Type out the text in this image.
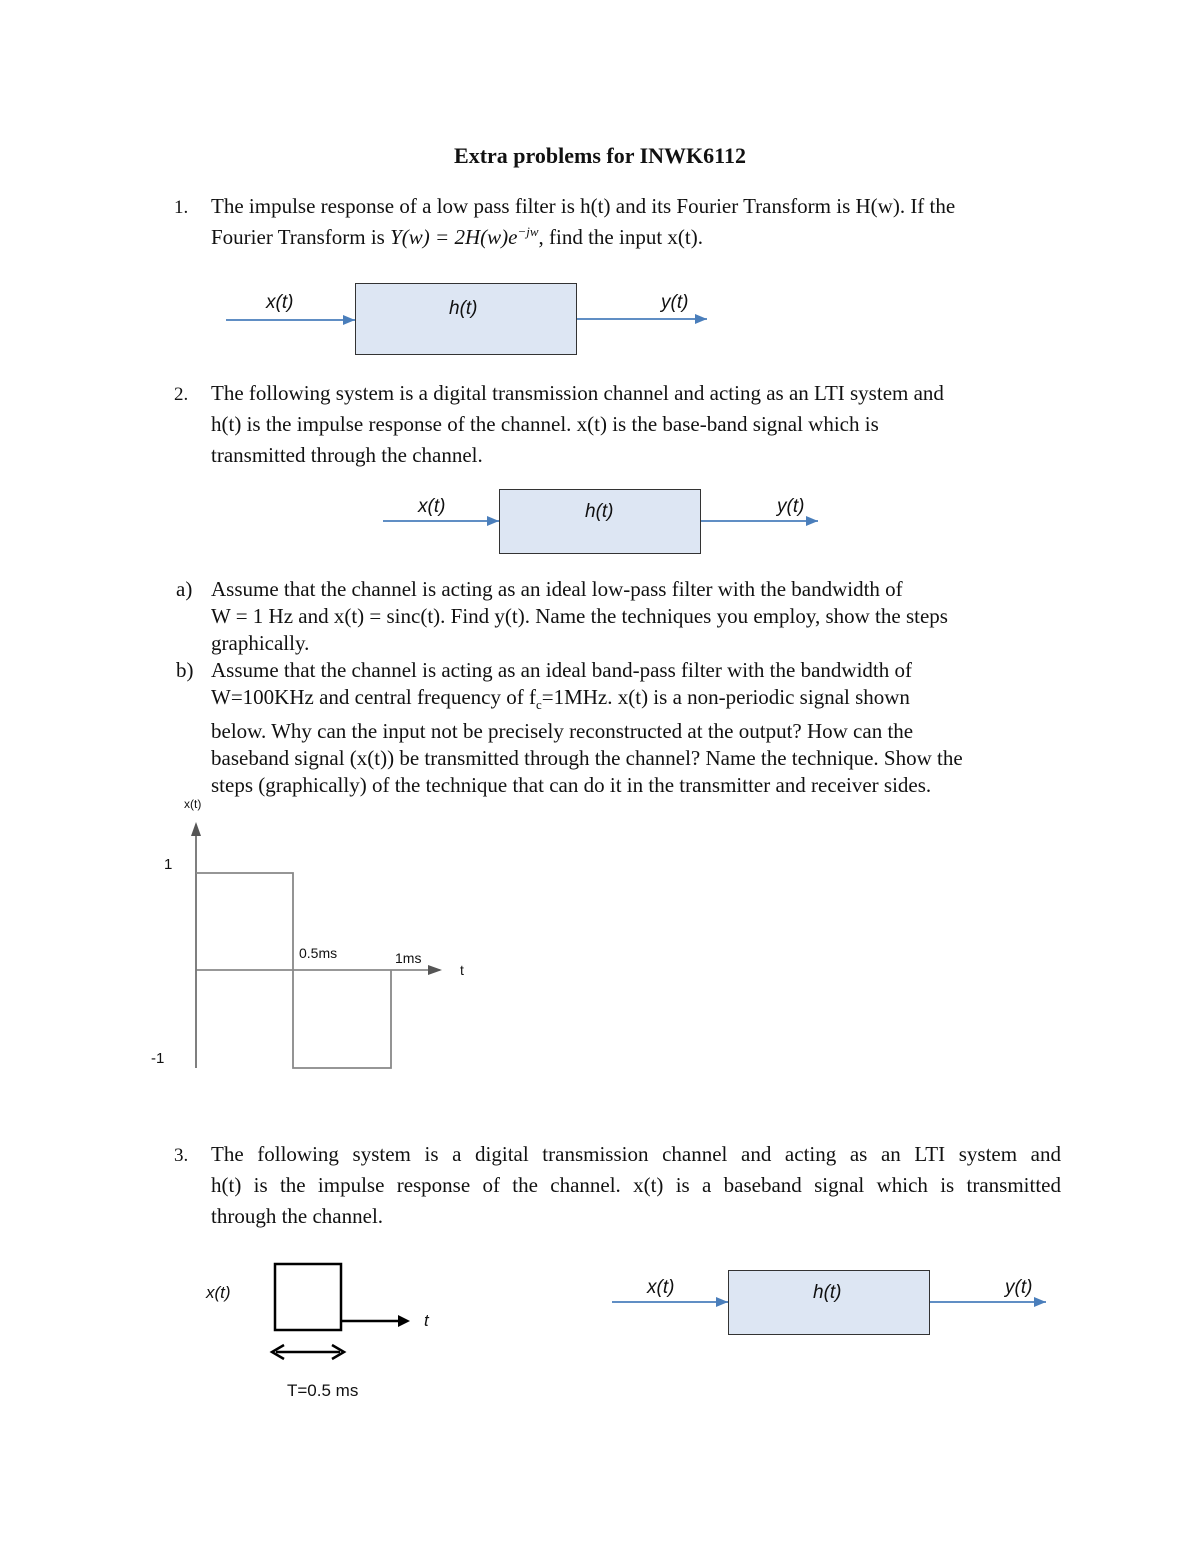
Extra problems for INWK6112
1. The impulse response of a low pass filter is h(t) and its Fourier Transform is H(w). If the
Fourier Transform is $Y(w) = 2H(w)e^{-jw}$, find the input x(t).
x(t)	h(t)	y(t)
2. The following system is a digital transmission channel and acting as an LTI system and
h(t) is the impulse response of the channel. x(t) is the base-band signal which is
transmitted through the channel.
x(t)	h(t)	y(t)
a) Assume that the channel is acting as an ideal low-pass filter with the bandwidth of
W = 1 Hz and x(t) = sinc(t). Find y(t). Name the techniques you employ, show the steps
graphically.
b) Assume that the channel is acting as an ideal band-pass filter with the bandwidth of
W=100KHz and central frequency of $f_c=1MHz$. x(t) is a non-periodic signal shown
below. Why can the input not be precisely reconstructed at the output? How can the
baseband signal (x(t)) be transmitted through the channel? Name the technique. Show the
steps (graphically) of the technique that can do it in the transmitter and receiver sides.
x(t)
1
-1
0.5ms	1ms
t
3. The following system is a digital transmission channel and acting as an LTI system and
h(t) is the impulse response of the channel. x(t) is a baseband signal which is transmitted
through the channel.
x(t)
t
T=0.5 ms
x(t)	h(t)	y(t)
